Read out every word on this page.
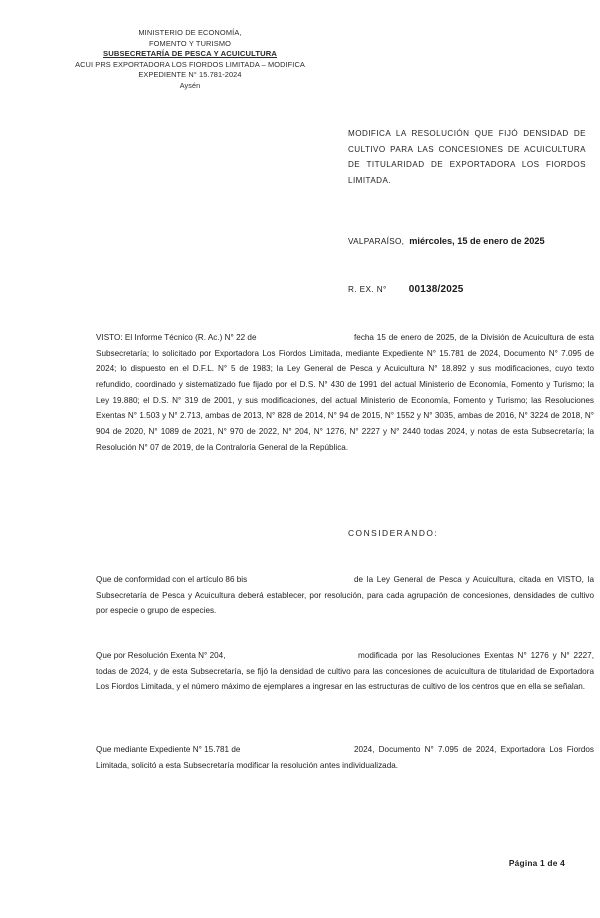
MINISTERIO DE ECONOMÍA,
FOMENTO Y TURISMO
SUBSECRETARÍA DE PESCA Y ACUICULTURA
ACUI PRS EXPORTADORA LOS FIORDOS LIMITADA – MODIFICA
EXPEDIENTE N° 15.781-2024
Aysén
MODIFICA LA RESOLUCIÓN QUE FIJÓ DENSIDAD DE CULTIVO PARA LAS CONCESIONES DE ACUICULTURA DE TITULARIDAD DE EXPORTADORA LOS FIORDOS LIMITADA.
VALPARAÍSO, miércoles, 15 de enero de 2025
R. EX. N° 00138/2025

VISTO: El Informe Técnico (R. Ac.) N° 22 de	fecha 15 de enero de 2025, de la División de Acuicultura de esta Subsecretaría; lo solicitado por Exportadora Los Fiordos Limitada, mediante Expediente N° 15.781 de 2024, Documento N° 7.095 de 2024; lo dispuesto en el D.F.L. N° 5 de 1983; la Ley General de Pesca y Acuicultura N° 18.892 y sus modificaciones, cuyo texto refundido, coordinado y sistematizado fue fijado por el D.S. N° 430 de 1991 del actual Ministerio de Economía, Fomento y Turismo; la Ley 19.880; el D.S. N° 319 de 2001, y sus modificaciones, del actual Ministerio de Economía, Fomento y Turismo; las Resoluciones Exentas N° 1.503 y N° 2.713, ambas de 2013, N° 828 de 2014, N° 94 de 2015, N° 1552 y N° 3035, ambas de 2016, N° 3224 de 2018, N° 904 de 2020, N° 1089 de 2021, N° 970 de 2022, N° 204, N° 1276, N° 2227 y N° 2440 todas 2024, y notas de esta Subsecretaría; la Resolución N° 07 de 2019, de la Contraloría General de la República.

CONSIDERANDO:

Que de conformidad con el artículo 86 bis	de la Ley General de Pesca y Acuicultura, citada en VISTO, la Subsecretaría de Pesca y Acuicultura deberá establecer, por resolución, para cada agrupación de concesiones, densidades de cultivo por especie o grupo de especies.

Que por Resolución Exenta N° 204,	modificada por las Resoluciones Exentas N° 1276 y N° 2227, todas de 2024, y de esta Subsecretaría, se fijó la densidad de cultivo para las concesiones de acuicultura de titularidad de Exportadora Los Fiordos Limitada, y el número máximo de ejemplares a ingresar en las estructuras de cultivo de los centros que en ella se señalan.

Que mediante Expediente N° 15.781 de	2024, Documento N° 7.095 de 2024, Exportadora Los Fiordos Limitada, solicitó a esta Subsecretaría modificar la resolución antes individualizada.

Página 1 de 4
